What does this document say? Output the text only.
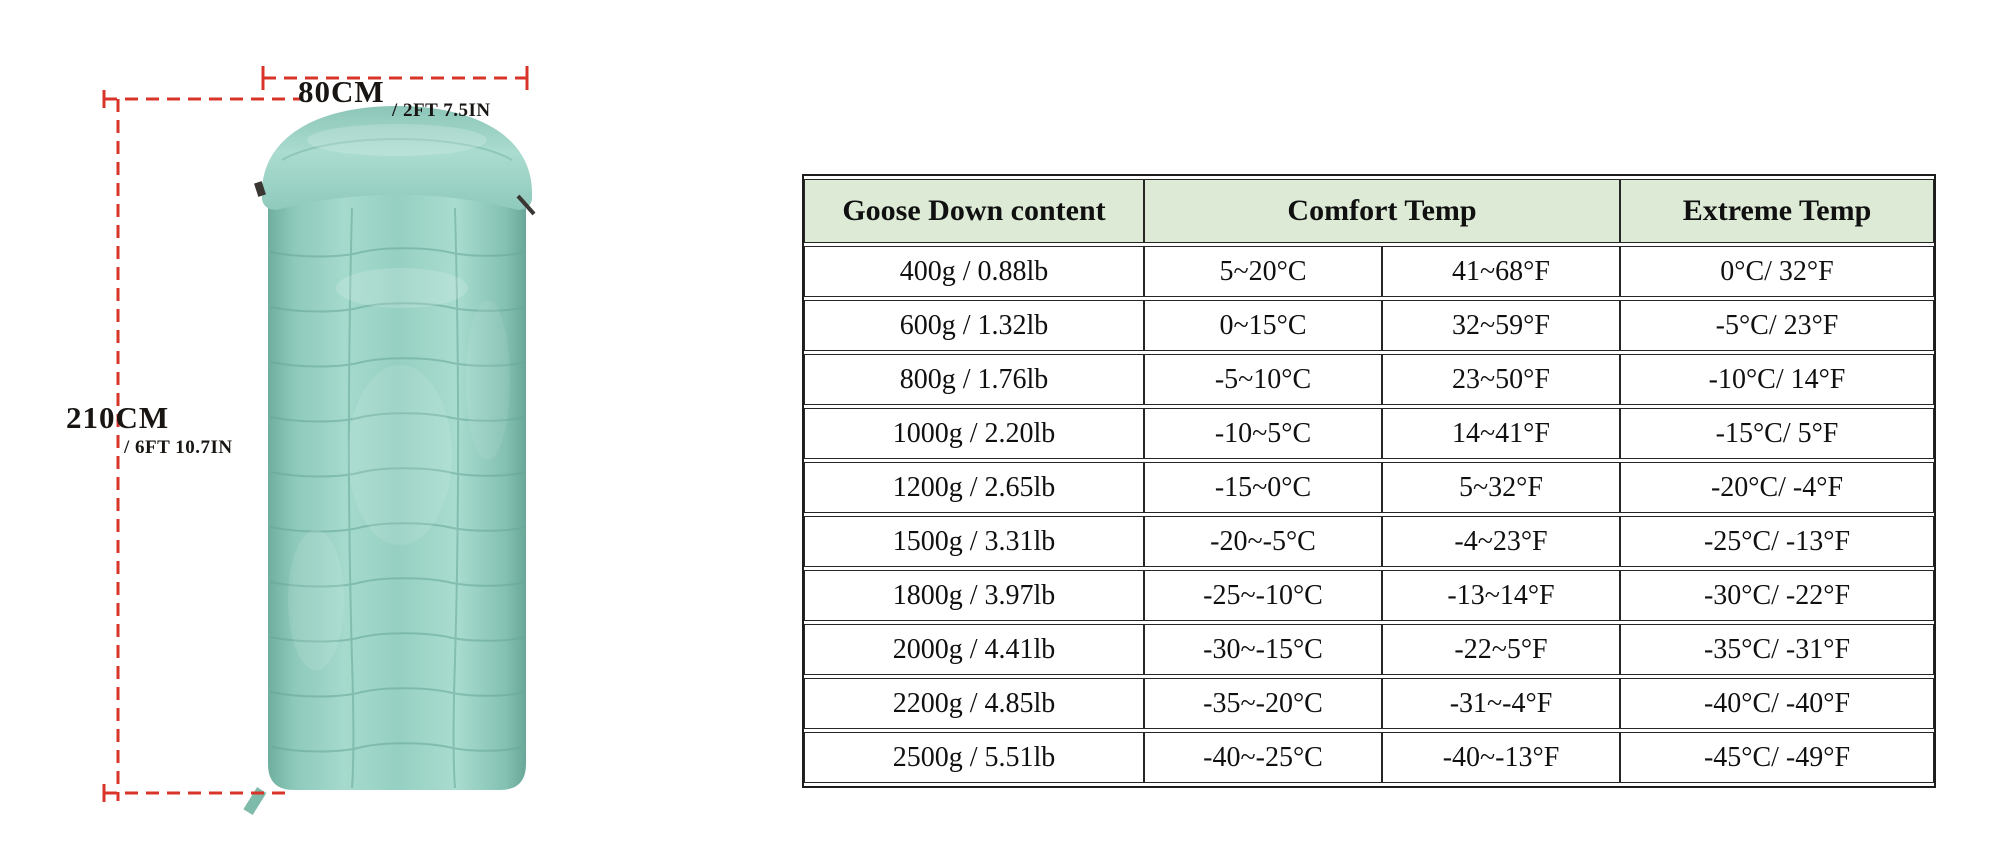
80CM
/ 2FT 7.5IN
210CM
/ 6FT 10.7IN
Goose Down content	Comfort Temp		Extreme Temp
400g / 0.88lb	5~20°C	41~68°F	0°C/ 32°F
600g / 1.32lb	0~15°C	32~59°F	-5°C/ 23°F
800g / 1.76lb	-5~10°C	23~50°F	-10°C/ 14°F
1000g / 2.20lb	-10~5°C	14~41°F	-15°C/ 5°F
1200g / 2.65lb	-15~0°C	5~32°F	-20°C/ -4°F
1500g / 3.31lb	-20~-5°C	-4~23°F	-25°C/ -13°F
1800g / 3.97lb	-25~-10°C	-13~14°F	-30°C/ -22°F
2000g / 4.41lb	-30~-15°C	-22~5°F	-35°C/ -31°F
2200g / 4.85lb	-35~-20°C	-31~-4°F	-40°C/ -40°F
2500g / 5.51lb	-40~-25°C	-40~-13°F	-45°C/ -49°F
